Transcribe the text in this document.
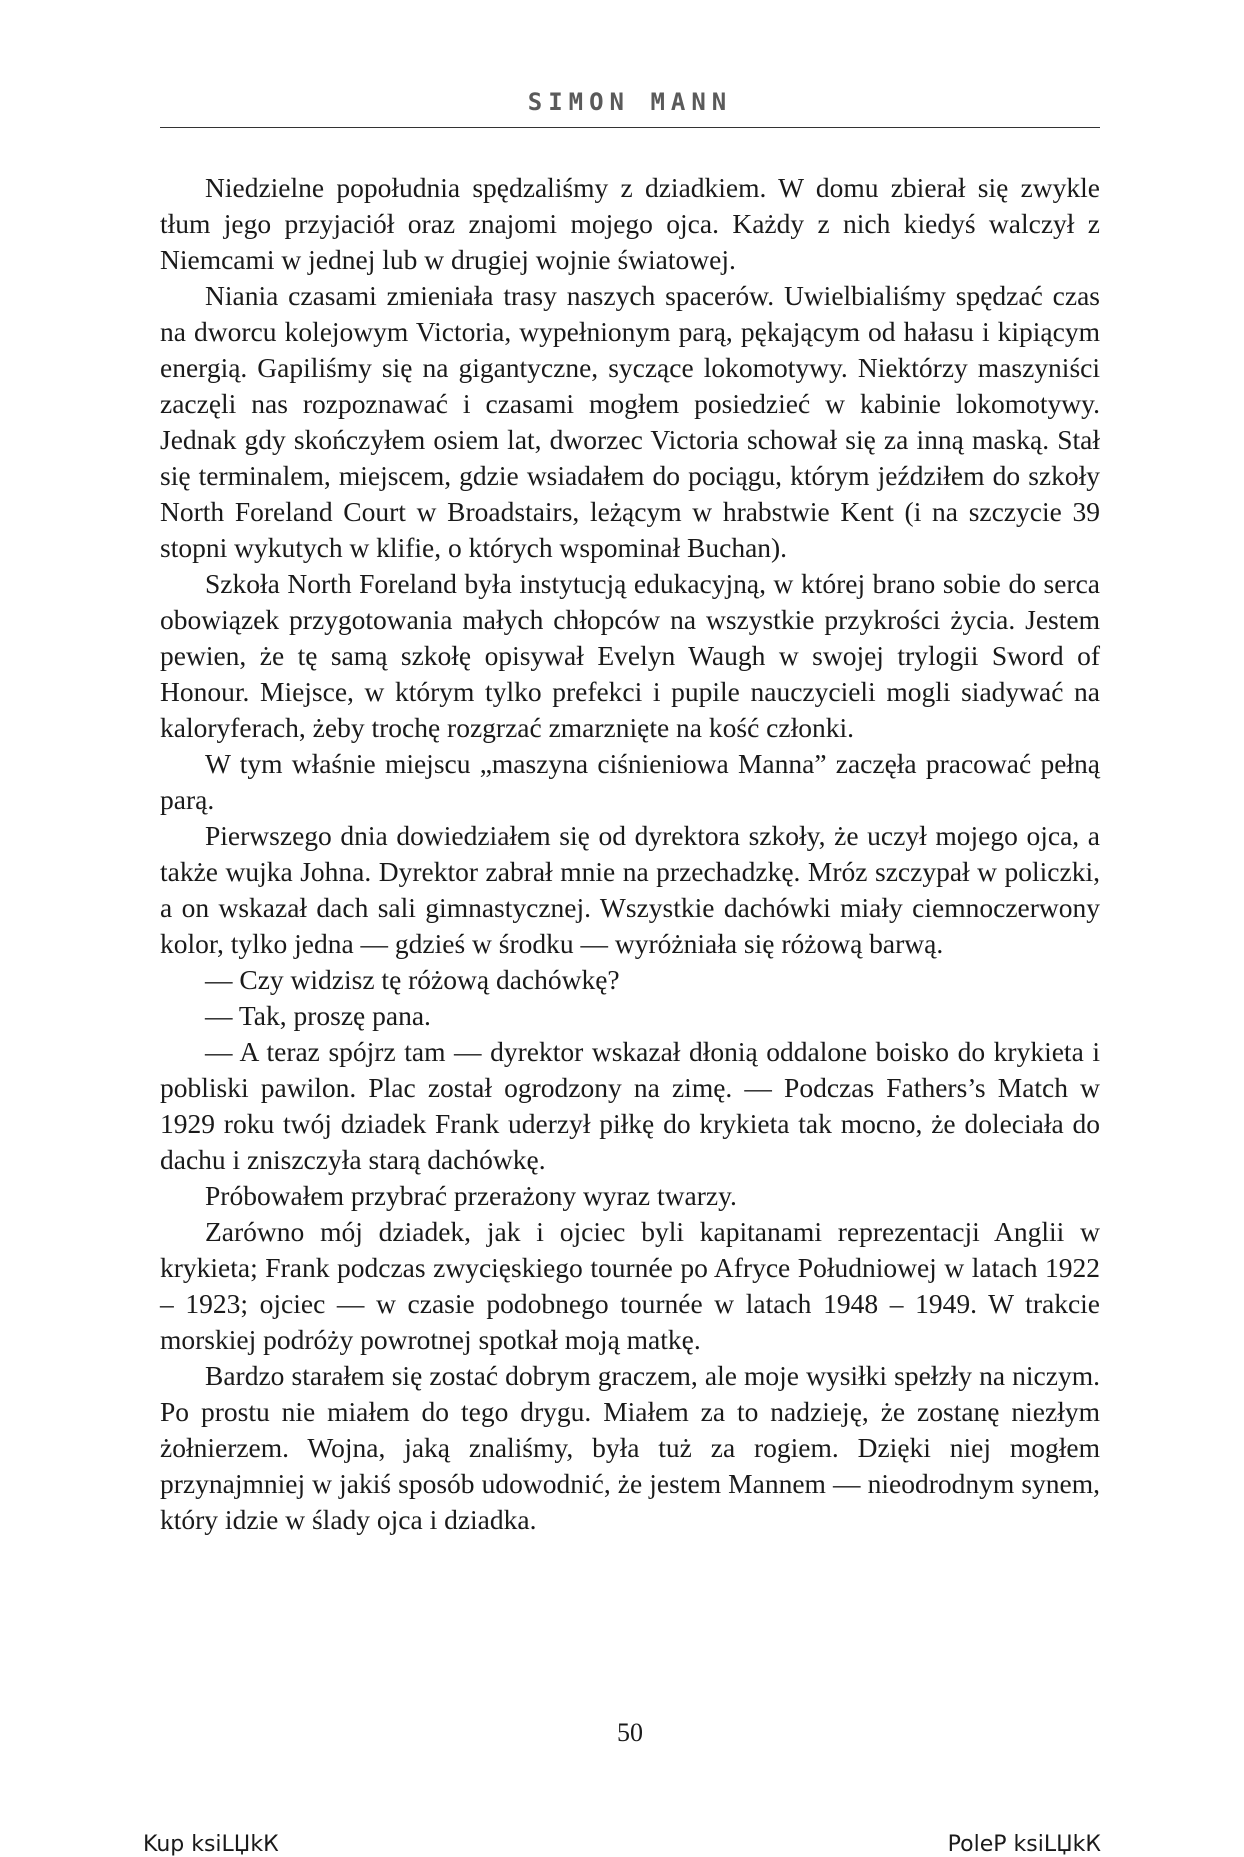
SIMON MANN

Niedzielne popołudnia spędzaliśmy z dziadkiem. W domu zbierał się zwykle tłum jego przyjaciół oraz znajomi mojego ojca. Każdy z nich kiedyś walczył z Niemcami w jednej lub w drugiej wojnie światowej.

Niania czasami zmieniała trasy naszych spacerów. Uwielbialiśmy spędzać czas na dworcu kolejowym Victoria, wypełnionym parą, pękającym od hałasu i kipiącym energią. Gapiliśmy się na gigantyczne, syczące lokomotywy. Niektórzy maszyniści zaczęli nas rozpoznawać i czasami mogłem posiedzieć w kabinie lokomotywy. Jednak gdy skończyłem osiem lat, dworzec Victoria schował się za inną maską. Stał się terminalem, miejscem, gdzie wsiadałem do pociągu, którym jeździłem do szkoły North Foreland Court w Broadstairs, leżącym w hrabstwie Kent (i na szczycie 39 stopni wykutych w klifie, o których wspominał Buchan).

Szkoła North Foreland była instytucją edukacyjną, w której brano sobie do serca obowiązek przygotowania małych chłopców na wszystkie przykrości życia. Jestem pewien, że tę samą szkołę opisywał Evelyn Waugh w swojej trylogii Sword of Honour. Miejsce, w którym tylko prefekci i pupile nauczycieli mogli siadywać na kaloryferach, żeby trochę rozgrzać zmarznięte na kość członki.

W tym właśnie miejscu „maszyna ciśnieniowa Manna” zaczęła pracować pełną parą.

Pierwszego dnia dowiedziałem się od dyrektora szkoły, że uczył mojego ojca, a także wujka Johna. Dyrektor zabrał mnie na przechadzkę. Mróz szczypał w policzki, a on wskazał dach sali gimnastycznej. Wszystkie dachówki miały ciemnoczerwony kolor, tylko jedna — gdzieś w środku — wyróżniała się różową barwą.

— Czy widzisz tę różową dachówkę?

— Tak, proszę pana.

— A teraz spójrz tam — dyrektor wskazał dłonią oddalone boisko do krykieta i pobliski pawilon. Plac został ogrodzony na zimę. — Podczas Fathers’s Match w 1929 roku twój dziadek Frank uderzył piłkę do krykieta tak mocno, że doleciała do dachu i zniszczyła starą dachówkę.

Próbowałem przybrać przerażony wyraz twarzy.

Zarówno mój dziadek, jak i ojciec byli kapitanami reprezentacji Anglii w krykieta; Frank podczas zwycięskiego tournée po Afryce Południowej w latach 1922 – 1923; ojciec — w czasie podobnego tournée w latach 1948 – 1949. W trakcie morskiej podróży powrotnej spotkał moją matkę.

Bardzo starałem się zostać dobrym graczem, ale moje wysiłki spełzły na niczym. Po prostu nie miałem do tego drygu. Miałem za to nadzieję, że zostanę niezłym żołnierzem. Wojna, jaką znaliśmy, była tuż za rogiem. Dzięki niej mogłem przynajmniej w jakiś sposób udowodnić, że jestem Mannem — nieodrodnym synem, który idzie w ślady ojca i dziadka.

50
Kup ksiLЏkК	PoleP ksiLЏkК
